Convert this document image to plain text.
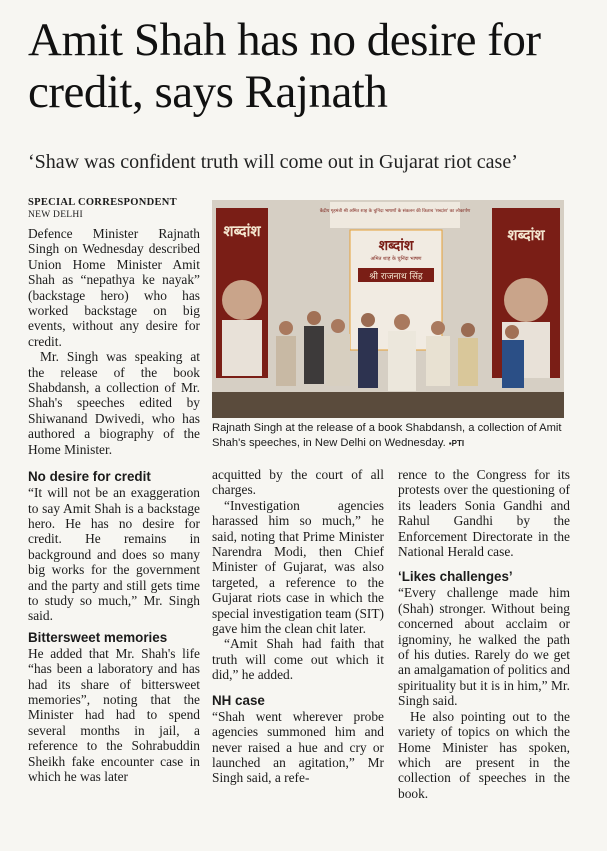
Amit Shah has no desire for credit, says Rajnath
‘Shaw was confident truth will come out in Gujarat riot case’
SPECIAL CORRESPONDENT
NEW DELHI
शब्दांश	शब्दांश
केंद्रीय गृहमंत्री श्री अमित शाह के चुनिंदा भाषणों के संकलन की किताब 'शब्दांश' का लोकार्पण
शब्दांश
अमित शाह के चुनिंदा भाषण
श्री राजनाथ सिंह
Rajnath Singh at the release of a book Shabdansh, a collection of Amit Shah's speeches, in New Delhi on Wednesday. ▪PTI

Defence Minister Rajnath Singh on Wednesday described Union Home Minister Amit Shah as “nepathya ke nayak” (backstage hero) who has worked backstage on big events, without any desire for credit.

Mr. Singh was speaking at the release of the book Shabdansh, a collection of Mr. Shah's speeches edited by Shiwanand Dwivedi, who has authored a biography of the Home Minister.

No desire for credit

“It will not be an exaggeration to say Amit Shah is a backstage hero. He has no desire for credit. He remains in background and does so many big works for the government and the party and still gets time to study so much,” Mr. Singh said.

Bittersweet memories

He added that Mr. Shah's life “has been a laboratory and has had its share of bittersweet memories”, noting that the Minister had had to spend several months in jail, a reference to the Sohrabuddin Sheikh fake encounter case in which he was later

acquitted by the court of all charges.

“Investigation agencies harassed him so much,” he said, noting that Prime Minister Narendra Modi, then Chief Minister of Gujarat, was also targeted, a reference to the Gujarat riots case in which the special investigation team (SIT) gave him the clean chit later.

“Amit Shah had faith that truth will come out which it did,” he added.

NH case

“Shah went wherever probe agencies summoned him and never raised a hue and cry or launched an agitation,” Mr Singh said, a refe-

rence to the Congress for its protests over the questioning of its leaders Sonia Gandhi and Rahul Gandhi by the Enforcement Directorate in the National Herald case.

‘Likes challenges’

“Every challenge made him (Shah) stronger. Without being concerned about acclaim or ignominy, he walked the path of his duties. Rarely do we get an amalgamation of politics and spirituality but it is in him,” Mr. Singh said.

He also pointing out to the variety of topics on which the Home Minister has spoken, which are present in the collection of speeches in the book.
